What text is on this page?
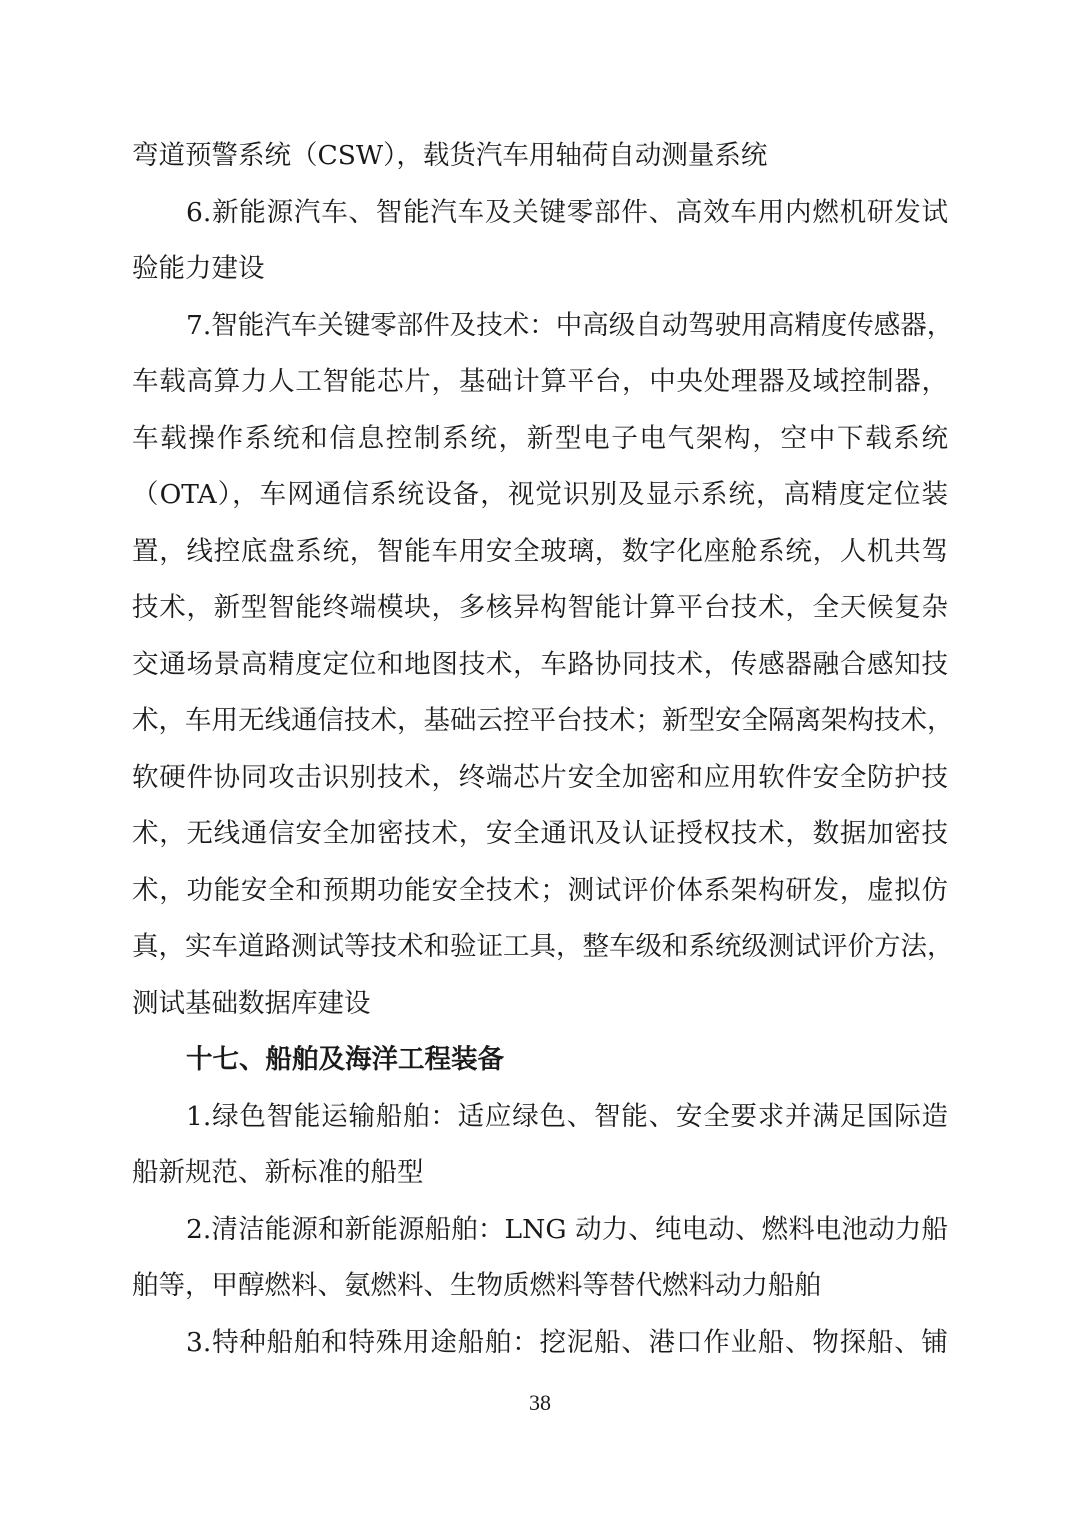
弯道预警系统（CSW），载货汽车用轴荷自动测量系统
6.新能源汽车、智能汽车及关键零部件、高效车用内燃机研发试
验能力建设
7.智能汽车关键零部件及技术：中高级自动驾驶用高精度传感器，
车载高算力人工智能芯片，基础计算平台，中央处理器及域控制器，
车载操作系统和信息控制系统，新型电子电气架构，空中下载系统
（OTA），车网通信系统设备，视觉识别及显示系统，高精度定位装
置，线控底盘系统，智能车用安全玻璃，数字化座舱系统，人机共驾
技术，新型智能终端模块，多核异构智能计算平台技术，全天候复杂
交通场景高精度定位和地图技术，车路协同技术，传感器融合感知技
术，车用无线通信技术，基础云控平台技术；新型安全隔离架构技术，
软硬件协同攻击识别技术，终端芯片安全加密和应用软件安全防护技
术，无线通信安全加密技术，安全通讯及认证授权技术，数据加密技
术，功能安全和预期功能安全技术；测试评价体系架构研发，虚拟仿
真，实车道路测试等技术和验证工具，整车级和系统级测试评价方法，
测试基础数据库建设
十七、船舶及海洋工程装备
1.绿色智能运输船舶：适应绿色、智能、安全要求并满足国际造
船新规范、新标准的船型
2.清洁能源和新能源船舶：LNG 动力、纯电动、燃料电池动力船
舶等，甲醇燃料、氨燃料、生物质燃料等替代燃料动力船舶
3.特种船舶和特殊用途船舶：挖泥船、港口作业船、物探船、铺
38
